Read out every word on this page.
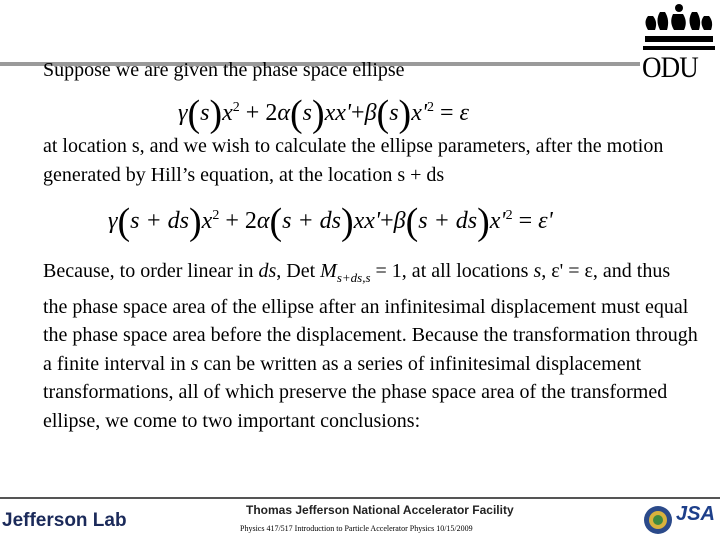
ODU
Suppose we are given the phase space ellipse
$\gamma(s)x^2 + 2\alpha(s)xx'+\beta(s)x'^2 = \varepsilon$
at location s, and we wish to calculate the ellipse parameters, after the motion generated by Hill’s equation, at the location s + ds
$\gamma(s + ds)x^2 + 2\alpha(s + ds)xx'+\beta(s + ds)x'^2 = \varepsilon'$
Because, to order linear in ds, Det $M_{s+ds,s} = 1$, at all locations s, ε' = ε, and thus the phase space area of the ellipse after an infinitesimal displacement must equal the phase space area before the displacement. Because the transformation through a finite interval in s can be written as a series of infinitesimal displacement transformations, all of which preserve the phase space area of the transformed ellipse, we come to two important conclusions:
Jefferson Lab	Thomas Jefferson National Accelerator Facility
Physics 417/517 Introduction to Particle Accelerator Physics 10/15/2009
JSA
